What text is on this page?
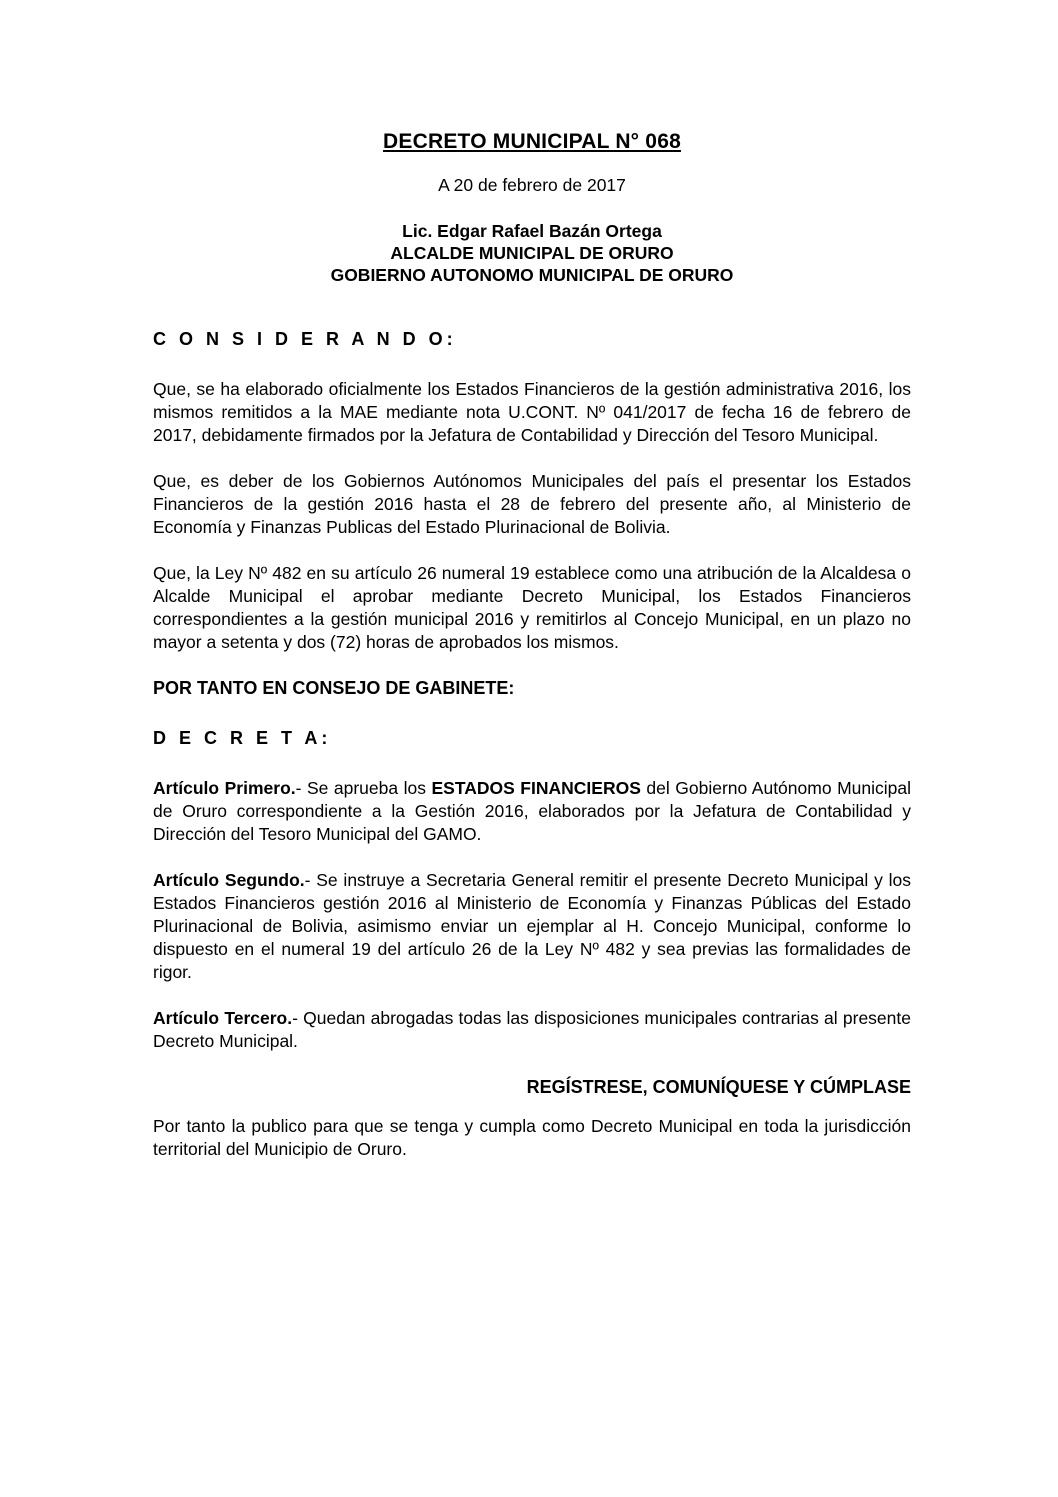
DECRETO MUNICIPAL N° 068
A 20 de febrero de 2017
Lic. Edgar Rafael Bazán Ortega
ALCALDE MUNICIPAL DE ORURO
GOBIERNO AUTONOMO MUNICIPAL DE ORURO
C O N S I D E R A N D O:

Que, se ha elaborado oficialmente los Estados Financieros de la gestión administrativa 2016, los mismos remitidos a la MAE mediante nota U.CONT. Nº 041/2017 de fecha 16 de febrero de 2017, debidamente firmados por la Jefatura de Contabilidad y Dirección del Tesoro Municipal.

Que, es deber de los Gobiernos Autónomos Municipales del país el presentar los Estados Financieros de la gestión 2016 hasta el 28 de febrero del presente año, al Ministerio de Economía y Finanzas Publicas del Estado Plurinacional de Bolivia.

Que, la Ley Nº 482 en su artículo 26 numeral 19 establece como una atribución de la Alcaldesa o Alcalde Municipal el aprobar mediante Decreto Municipal, los Estados Financieros correspondientes a la gestión municipal 2016 y remitirlos al Concejo Municipal, en un plazo no mayor a setenta y dos (72) horas de aprobados los mismos.

POR TANTO EN CONSEJO DE GABINETE:
D E C R E T A:

Artículo Primero.- Se aprueba los ESTADOS FINANCIEROS del Gobierno Autónomo Municipal de Oruro correspondiente a la Gestión 2016, elaborados por la Jefatura de Contabilidad y Dirección del Tesoro Municipal del GAMO.

Artículo Segundo.- Se instruye a Secretaria General remitir el presente Decreto Municipal y los Estados Financieros gestión 2016 al Ministerio de Economía y Finanzas Públicas del Estado Plurinacional de Bolivia, asimismo enviar un ejemplar al H. Concejo Municipal, conforme lo dispuesto en el numeral 19 del artículo 26 de la Ley Nº 482 y sea previas las formalidades de rigor.

Artículo Tercero.- Quedan abrogadas todas las disposiciones municipales contrarias al presente Decreto Municipal.

REGÍSTRESE, COMUNÍQUESE Y CÚMPLASE

Por tanto la publico para que se tenga y cumpla como Decreto Municipal en toda la jurisdicción territorial del Municipio de Oruro.
